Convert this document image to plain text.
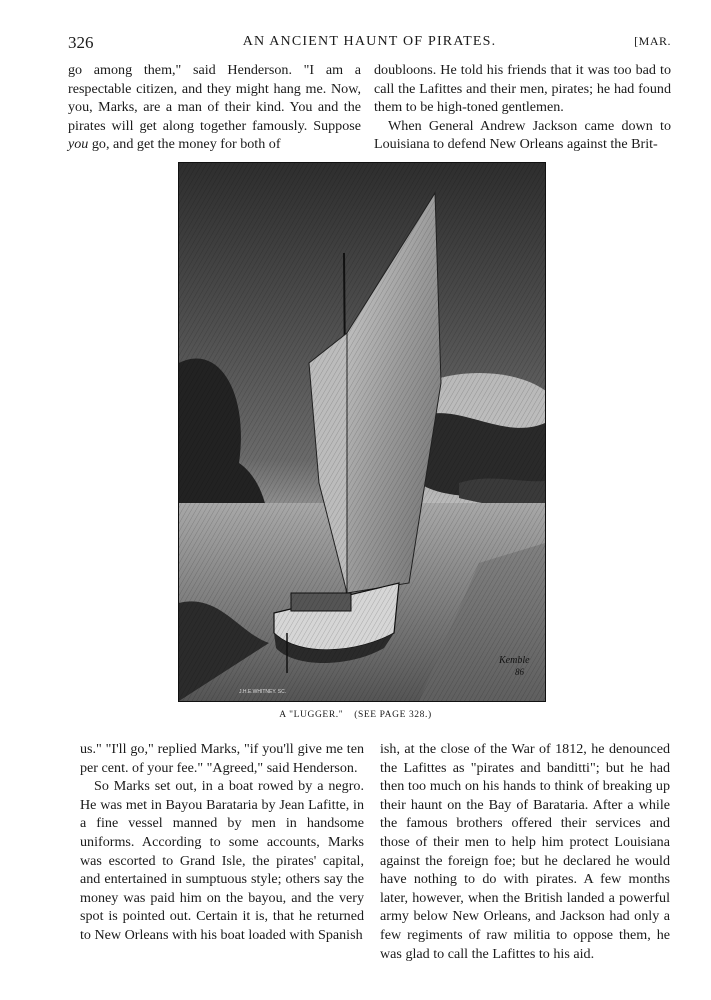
326	AN ANCIENT HAUNT OF PIRATES.	[MAR.

go among them," said Henderson. "I am a respectable citizen, and they might hang me. Now, you, Marks, are a man of their kind. You and the pirates will get along together famously. Suppose you go, and get the money for both of

doubloons. He told his friends that it was too bad to call the Lafittes and their men, pirates; he had found them to be high-toned gentlemen.

When General Andrew Jackson came down to Louisiana to defend New Orleans against the Brit-

Kemble
86
J.H.E.WHITNEY. SC.
A "LUGGER." (SEE PAGE 328.)

us." "I'll go," replied Marks, "if you'll give me ten per cent. of your fee." "Agreed," said Henderson.

So Marks set out, in a boat rowed by a negro. He was met in Bayou Barataria by Jean Lafitte, in a fine vessel manned by men in handsome uniforms. According to some accounts, Marks was escorted to Grand Isle, the pirates' capital, and entertained in sumptuous style; others say the money was paid him on the bayou, and the very spot is pointed out. Certain it is, that he returned to New Orleans with his boat loaded with Spanish

ish, at the close of the War of 1812, he denounced the Lafittes as "pirates and banditti"; but he had then too much on his hands to think of breaking up their haunt on the Bay of Barataria. After a while the famous brothers offered their services and those of their men to help him protect Louisiana against the foreign foe; but he declared he would have nothing to do with pirates. A few months later, however, when the British landed a powerful army below New Orleans, and Jackson had only a few regiments of raw militia to oppose them, he was glad to call the Lafittes to his aid.
